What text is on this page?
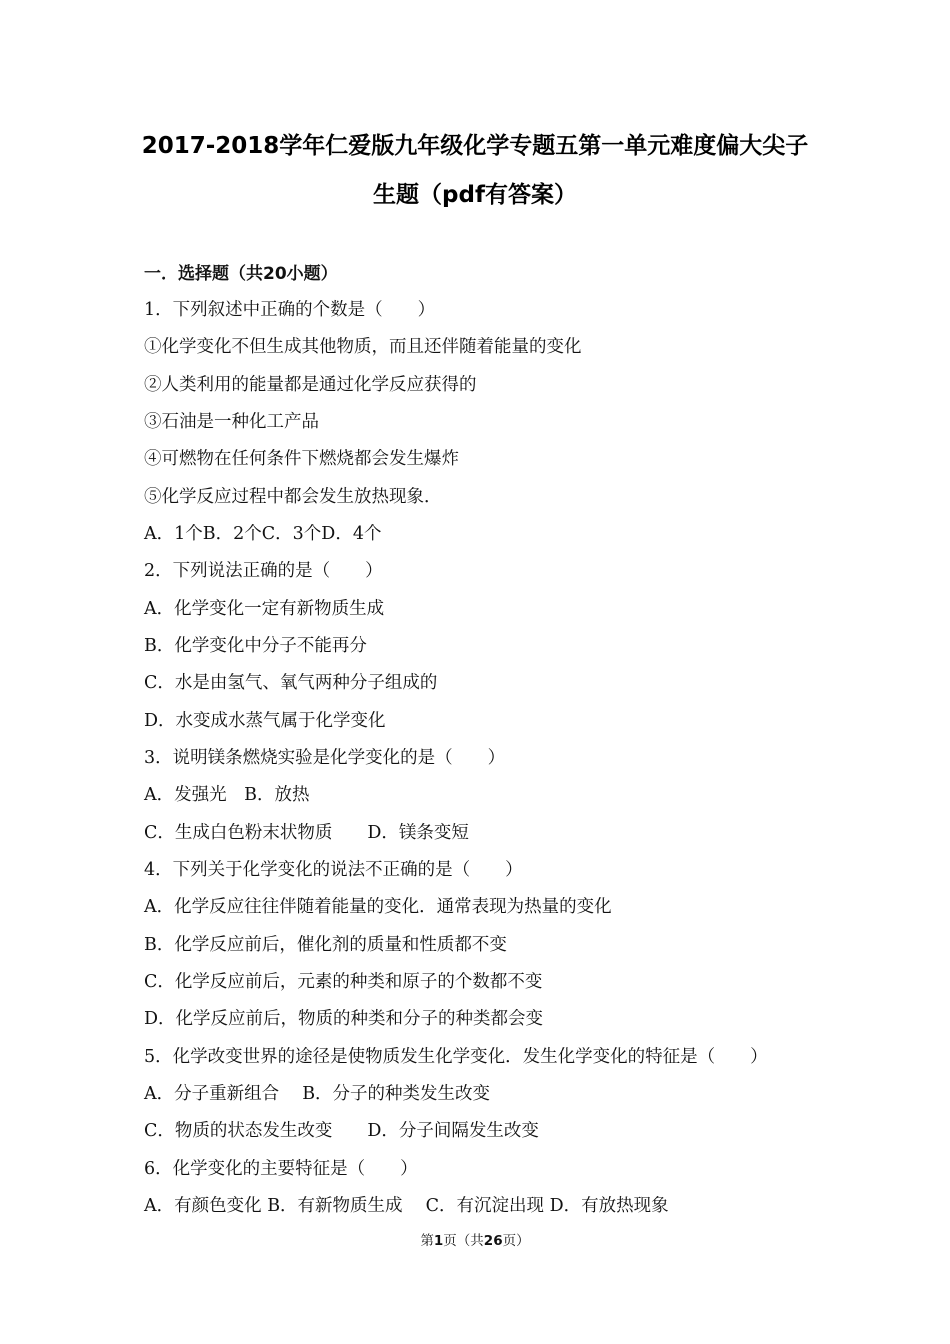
2017-2018学年仁爱版九年级化学专题五第一单元难度偏大尖子
生题（pdf有答案）
一．选择题（共20小题）
1．下列叙述中正确的个数是（　　）
①化学变化不但生成其他物质，而且还伴随着能量的变化
②人类利用的能量都是通过化学反应获得的
③石油是一种化工产品
④可燃物在任何条件下燃烧都会发生爆炸
⑤化学反应过程中都会发生放热现象．
A．1个B．2个C．3个D．4个
2．下列说法正确的是（　　）
A．化学变化一定有新物质生成
B．化学变化中分子不能再分
C．水是由氢气、氧气两种分子组成的
D．水变成水蒸气属于化学变化
3．说明镁条燃烧实验是化学变化的是（　　）
A．发强光　B．放热
C．生成白色粉末状物质　　D．镁条变短
4．下列关于化学变化的说法不正确的是（　　）
A．化学反应往往伴随着能量的变化．通常表现为热量的变化
B．化学反应前后，催化剂的质量和性质都不变
C．化学反应前后，元素的种类和原子的个数都不变
D．化学反应前后，物质的种类和分子的种类都会变
5．化学改变世界的途径是使物质发生化学变化．发生化学变化的特征是（　　）
A．分子重新组合　 B．分子的种类发生改变
C．物质的状态发生改变　　D．分子间隔发生改变
6．化学变化的主要特征是（　　）
A．有颜色变化 B．有新物质生成　 C．有沉淀出现 D．有放热现象
第1页（共26页）
